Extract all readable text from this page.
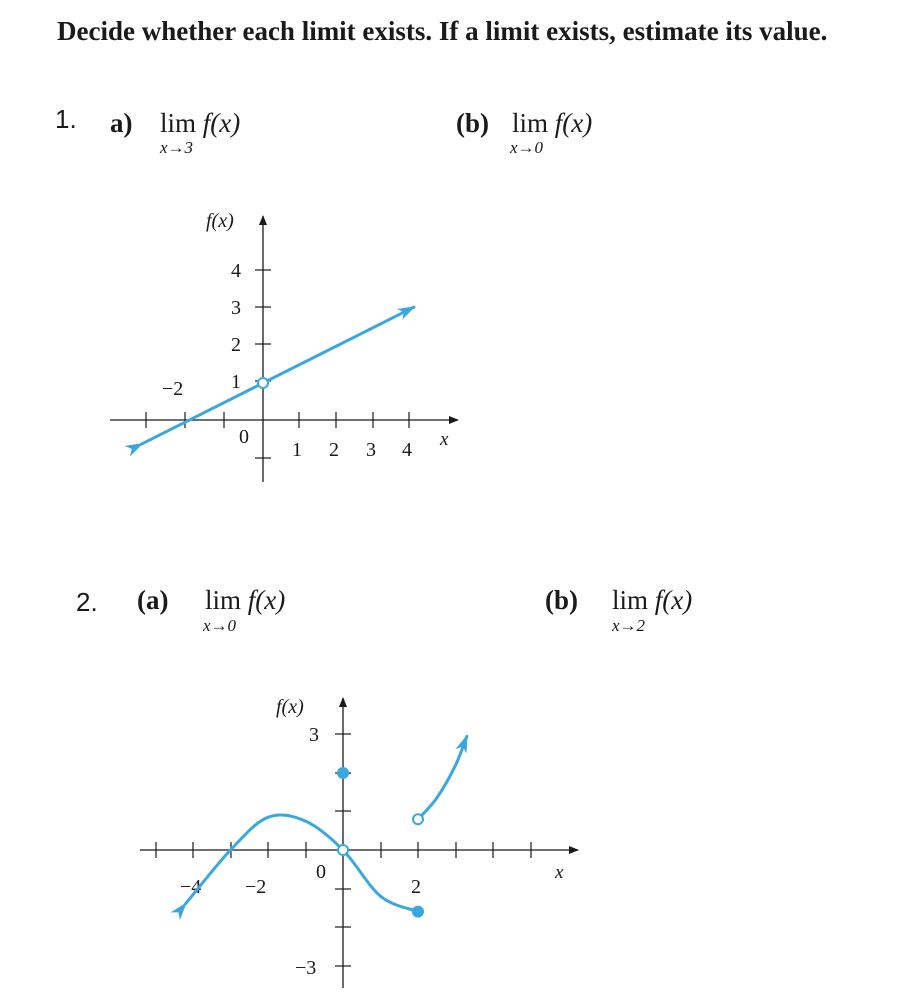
Decide whether each limit exists. If a limit exists, estimate its value.
1. a) lim f(x)
x→3
(b) lim f(x)
x→0
2. (a) lim f(x)
x→0
(b) lim f(x)
x→2
f(x)
x
0
−2
1 2 3 4
1
2
3
4
f(x)
x
0
−4 −2	2
3
−3
